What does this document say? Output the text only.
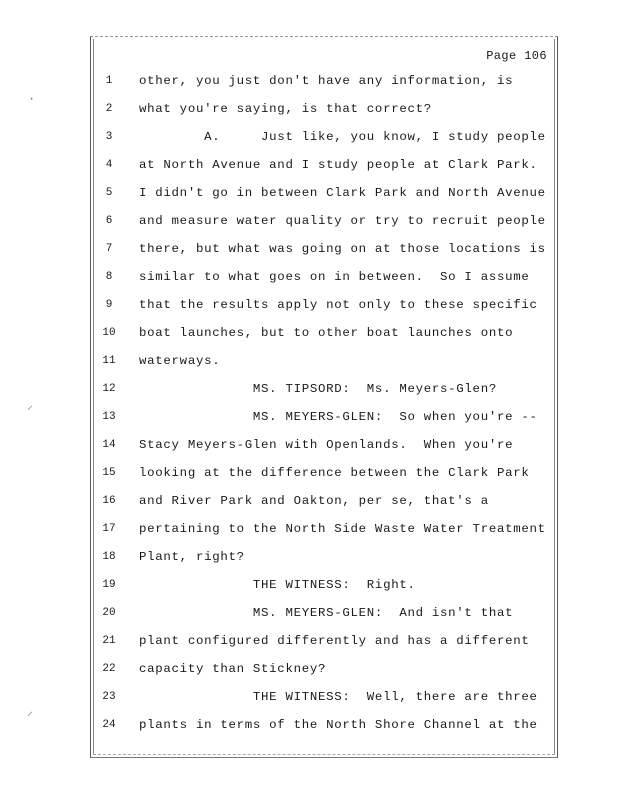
Page 106
1	other, you just don't have any information, is
2	what you're saying, is that correct?
3	A.     Just like, you know, I study people
4	at North Avenue and I study people at Clark Park.
5	I didn't go in between Clark Park and North Avenue
6	and measure water quality or try to recruit people
7	there, but what was going on at those locations is
8	similar to what goes on in between.  So I assume
9	that the results apply not only to these specific
10	boat launches, but to other boat launches onto
11	waterways.
12	MS. TIPSORD:  Ms. Meyers-Glen?
13	MS. MEYERS-GLEN:  So when you're --
14	Stacy Meyers-Glen with Openlands.  When you're
15	looking at the difference between the Clark Park
16	and River Park and Oakton, per se, that's a
17	pertaining to the North Side Waste Water Treatment
18	Plant, right?
19	THE WITNESS:  Right.
20	MS. MEYERS-GLEN:  And isn't that
21	plant configured differently and has a different
22	capacity than Stickney?
23	THE WITNESS:  Well, there are three
24	plants in terms of the North Shore Channel at the
·
⸝
⸝
